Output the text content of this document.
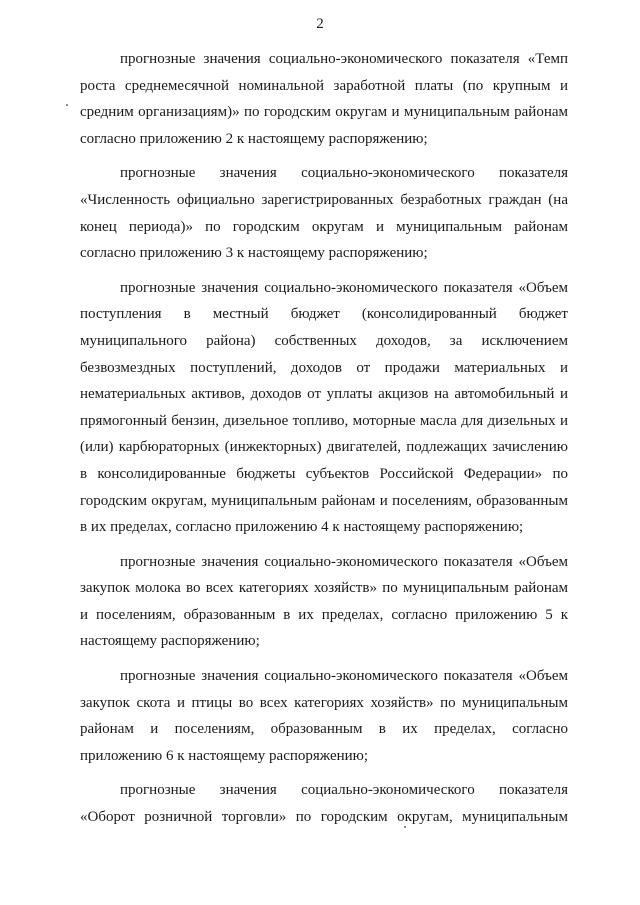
2
прогнозные значения социально-экономического показателя «Темп
роста среднемесячной номинальной заработной платы (по крупным и
средним организациям)» по городским округам и муниципальным районам
согласно приложению 2 к настоящему распоряжению;
прогнозные значения социально-экономического показателя
«Численность официально зарегистрированных безработных граждан (на
конец периода)» по городским округам и муниципальным районам
согласно приложению 3 к настоящему распоряжению;
прогнозные значения социально-экономического показателя «Объем
поступления в местный бюджет (консолидированный бюджет
муниципального района) собственных доходов, за исключением
безвозмездных поступлений, доходов от продажи материальных и
нематериальных активов, доходов от уплаты акцизов на автомобильный и
прямогонный бензин, дизельное топливо, моторные масла для дизельных и
(или) карбюраторных (инжекторных) двигателей, подлежащих зачислению
в консолидированные бюджеты субъектов Российской Федерации» по
городским округам, муниципальным районам и поселениям, образованным
в их пределах, согласно приложению 4 к настоящему распоряжению;
прогнозные значения социально-экономического показателя «Объем
закупок молока во всех категориях хозяйств» по муниципальным районам
и поселениям, образованным в их пределах, согласно приложению 5 к
настоящему распоряжению;
прогнозные значения социально-экономического показателя «Объем
закупок скота и птицы во всех категориях хозяйств» по муниципальным
районам и поселениям, образованным в их пределах, согласно
приложению 6 к настоящему распоряжению;
прогнозные значения социально-экономического показателя
«Оборот розничной торговли» по городским округам, муниципальным
